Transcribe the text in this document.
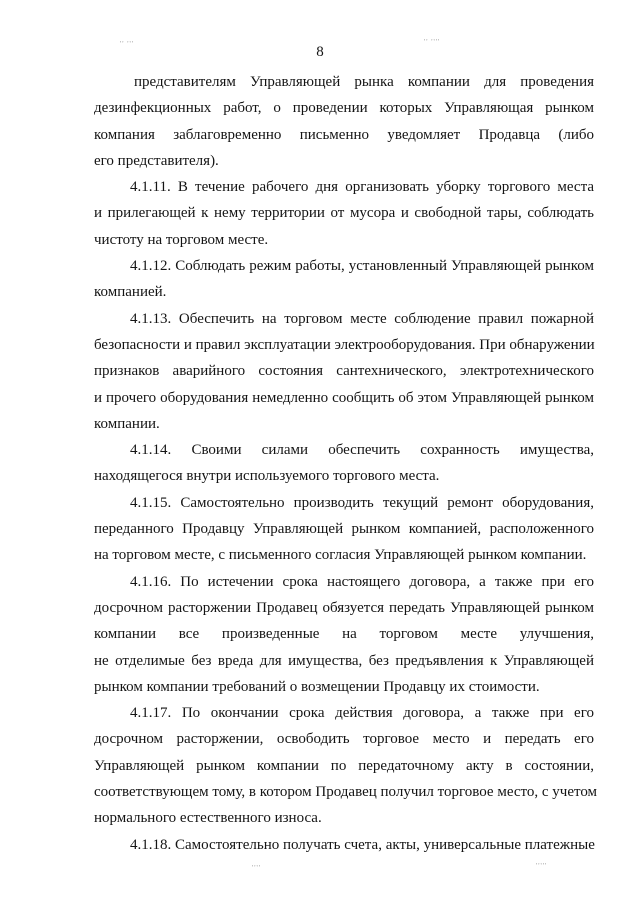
'' '''	'' ''''
''''	'''''
8

представителям Управляющей рынка компании для проведения
дезинфекционных работ, о проведении которых Управляющая рынком
компания заблаговременно письменно уведомляет Продавца (либо
его представителя).

4.1.11. В течение рабочего дня организовать уборку торгового места
и прилегающей к нему территории от мусора и свободной тары, соблюдать
чистоту на торговом месте.

4.1.12. Соблюдать режим работы, установленный Управляющей рынком
компанией.

4.1.13. Обеспечить на торговом месте соблюдение правил пожарной
безопасности и правил эксплуатации электрооборудования. При обнаружении
признаков аварийного состояния сантехнического, электротехнического
и прочего оборудования немедленно сообщить об этом Управляющей рынком
компании.

4.1.14. Своими силами обеспечить сохранность имущества,
находящегося внутри используемого торгового места.

4.1.15. Самостоятельно производить текущий ремонт оборудования,
переданного Продавцу Управляющей рынком компанией, расположенного
на торговом месте, с письменного согласия Управляющей рынком компании.

4.1.16. По истечении срока настоящего договора, а также при его
досрочном расторжении Продавец обязуется передать Управляющей рынком
компании все произведенные на торговом месте улучшения,
не отделимые без вреда для имущества, без предъявления к Управляющей
рынком компании требований о возмещении Продавцу их стоимости.

4.1.17. По окончании срока действия договора, а также при его
досрочном расторжении, освободить торговое место и передать его
Управляющей рынком компании по передаточному акту в состоянии,
соответствующем тому, в котором Продавец получил торговое место, с учетом
нормального естественного износа.

4.1.18. Самостоятельно получать счета, акты, универсальные платежные
